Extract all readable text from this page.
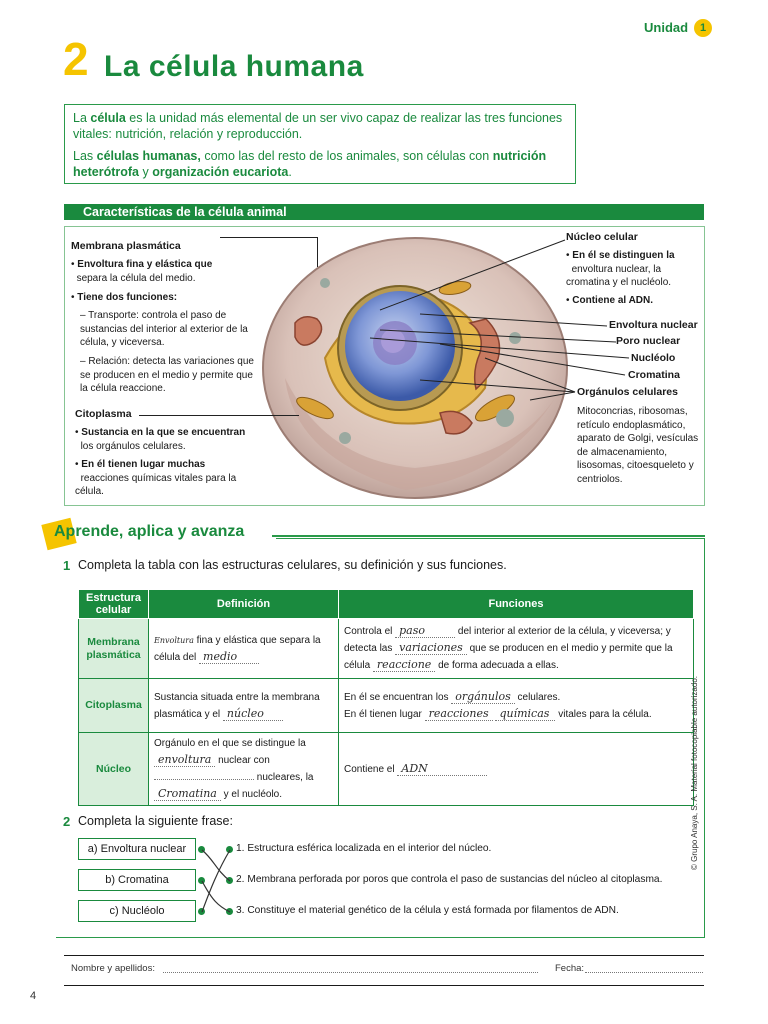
Unidad	1
2 La célula humana

La célula es la unidad más elemental de un ser vivo capaz de realizar las tres funciones vitales: nutrición, relación y reproducción.

Las células humanas, como las del resto de los animales, son células con nutrición heterótrofa y organización eucariota.

Características de la célula animal
Membrana plasmática
• Envoltura fina y elástica que
separa la célula del medio.
• Tiene dos funciones:
– Transporte: controla el paso de sustancias del interior al exterior de la célula, y viceversa.
– Relación: detecta las variaciones que se producen en el medio y permite que la célula reaccione.
Citoplasma
• Sustancia en la que se encuentran
los orgánulos celulares.
• En él tienen lugar muchas
reacciones químicas vitales para la célula.
Núcleo celular
• En él se distinguen la
envoltura nuclear, la cromatina y el nucléolo.
• Contiene al ADN.
Envoltura nuclear
Poro nuclear
Nucléolo
Cromatina
Orgánulos celulares
Mitoconcrias, ribosomas, retículo endoplasmático, aparato de Golgi, vesículas de almacenamiento, lisosomas, citoesqueleto y centriolos.
Aprende, aplica y avanza
1 Completa la tabla con las estructuras celulares, su definición y sus funciones.
Estructura celular	Definición	Funciones
Membrana plasmática	Envoltura fina y elástica que separa la célula del medio	Controla el paso del interior al exterior de la célula, y viceversa; y detecta las variaciones que se producen en el medio y permite que la célula reaccione de forma adecuada a ellas.
Citoplasma	Sustancia situada entre la membrana plasmática y el núcleo	En él se encuentran los orgánulos celulares.
En él tienen lugar reacciones químicas vitales para la célula.
Núcleo	Orgánulo en el que se distingue la envoltura nuclear con  nucleares, la Cromatina y el nucléolo.	Contiene el ADN
2 Completa la siguiente frase:
a) Envoltura nuclear
b) Cromatina
c) Nucléolo
1. Estructura esférica localizada en el interior del núcleo.
2. Membrana perforada por poros que controla el paso de sustancias del núcleo al citoplasma.
3. Constituye el material genético de la célula y está formada por filamentos de ADN.
Nombre y apellidos:	Fecha:
4
© Grupo Anaya, S. A. Material fotocopiable autorizado.
